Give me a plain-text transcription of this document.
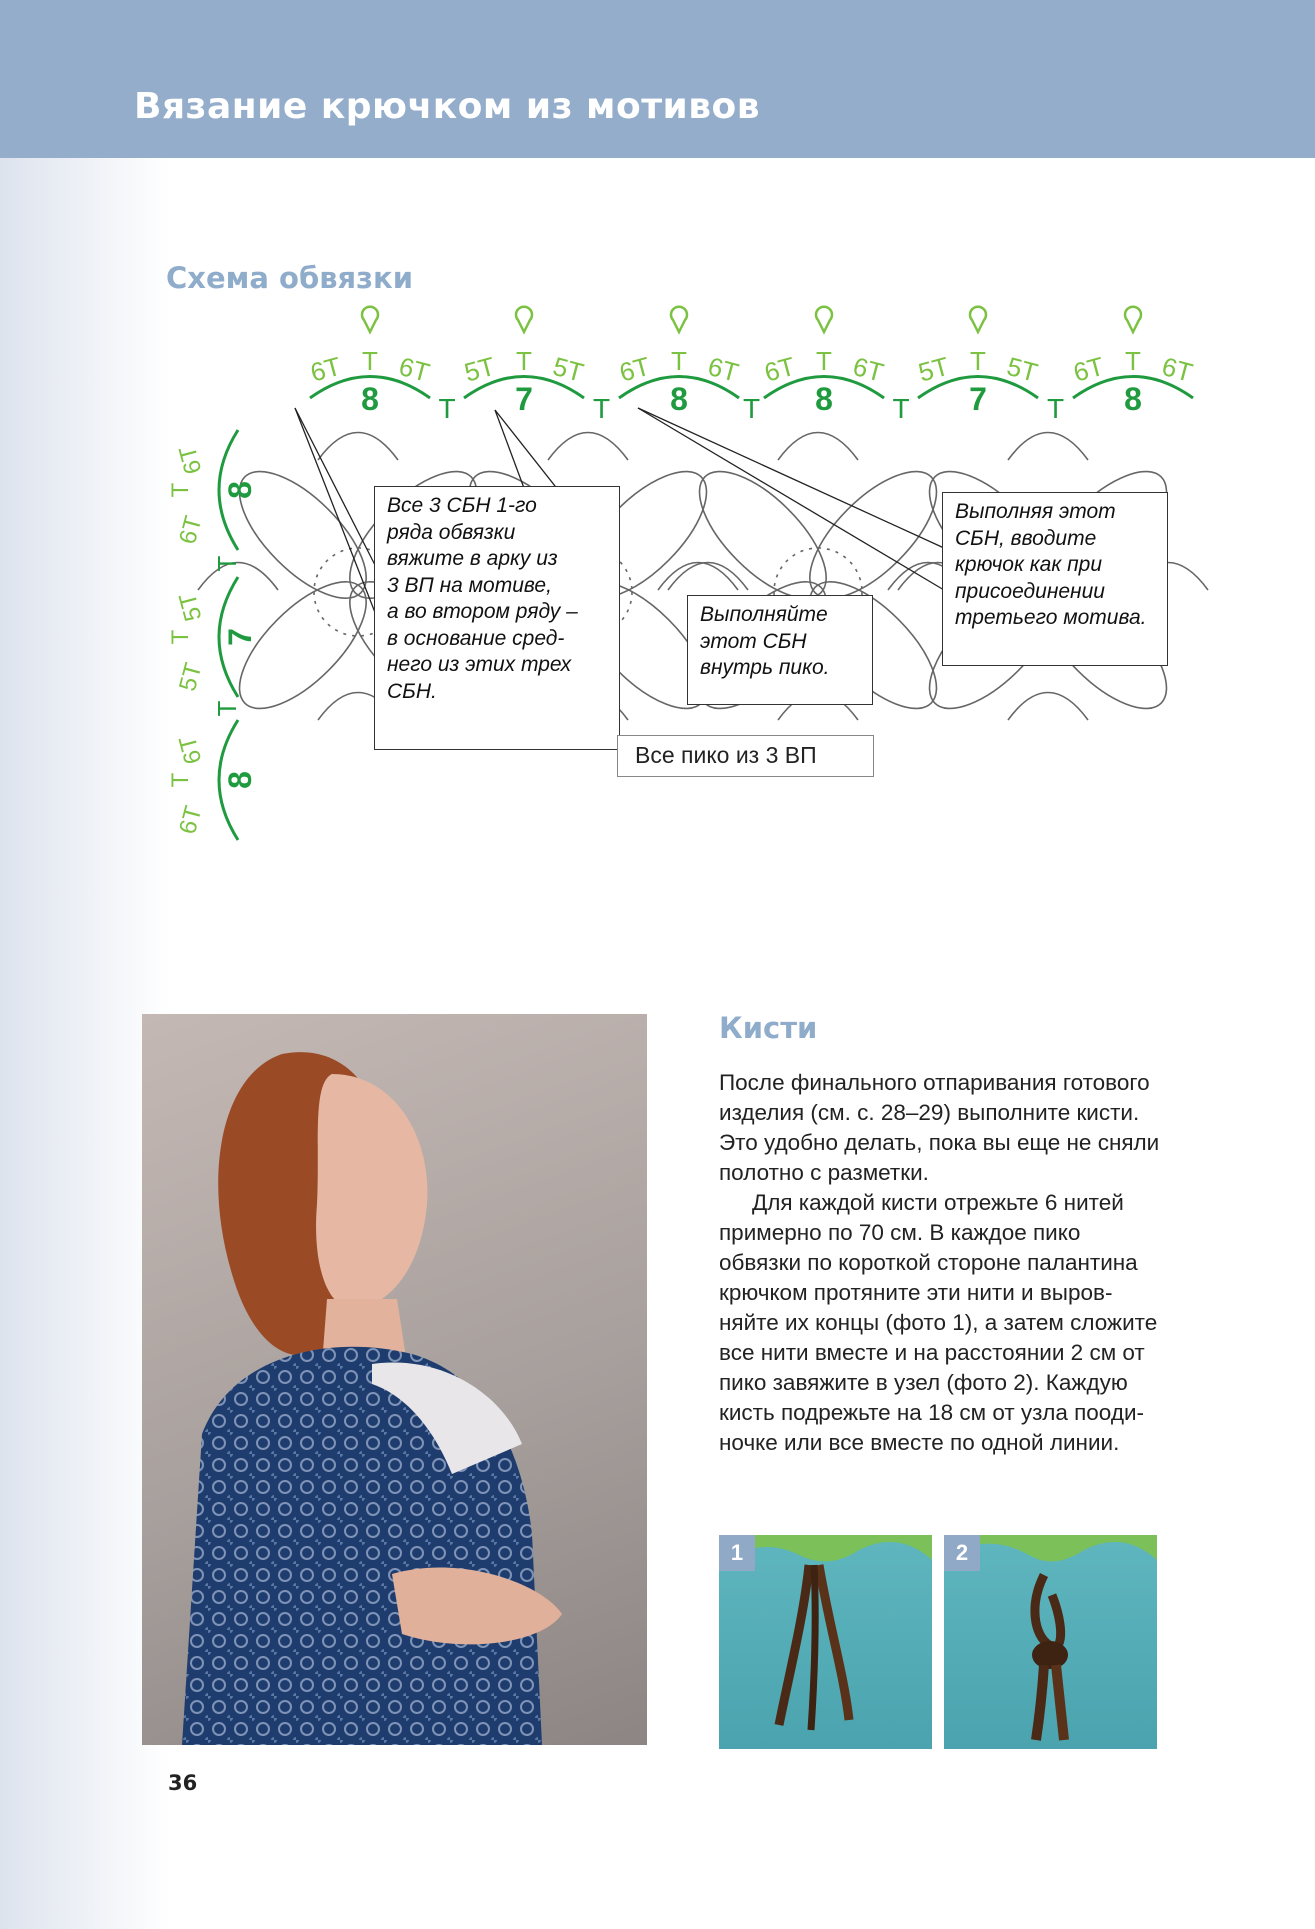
Вязание крючком из мотивов
Схема обвязки
8
6T 6T
T
T 7
5T 5T
T
T 8
6T 6T
T
T 8
6T 6T
T
T 7
5T 5T
T
T 8
6T 6T
T
8
6T
6T
T
T
7
5T
5T
T
T
8
6T
6T
T
Все 3 СБН 1-го
ряда обвязки
вяжите в арку из
3 ВП на мотиве,
а во втором ряду –
в основание сред-
него из этих трех
СБН.
Выполняйте
этот СБН
внутрь пико.
Выполняя этот
СБН, вводите
крючок как при
присоединении
третьего мотива.
Все пико из 3 ВП
Кисти

После финального отпаривания готового
изделия (см. с. 28–29) выполните кисти.
Это удобно делать, пока вы еще не сняли
полотно с разметки.

Для каждой кисти отрежьте 6 нитей
примерно по 70 см. В каждое пико
обвязки по короткой стороне палантина
крючком протяните эти нити и выров-
няйте их концы (фото 1), а затем сложите
все нити вместе и на расстоянии 2 см от
пико завяжите в узел (фото 2). Каждую
кисть подрежьте на 18 см от узла пооди-
ночке или все вместе по одной линии.

1	2
36
